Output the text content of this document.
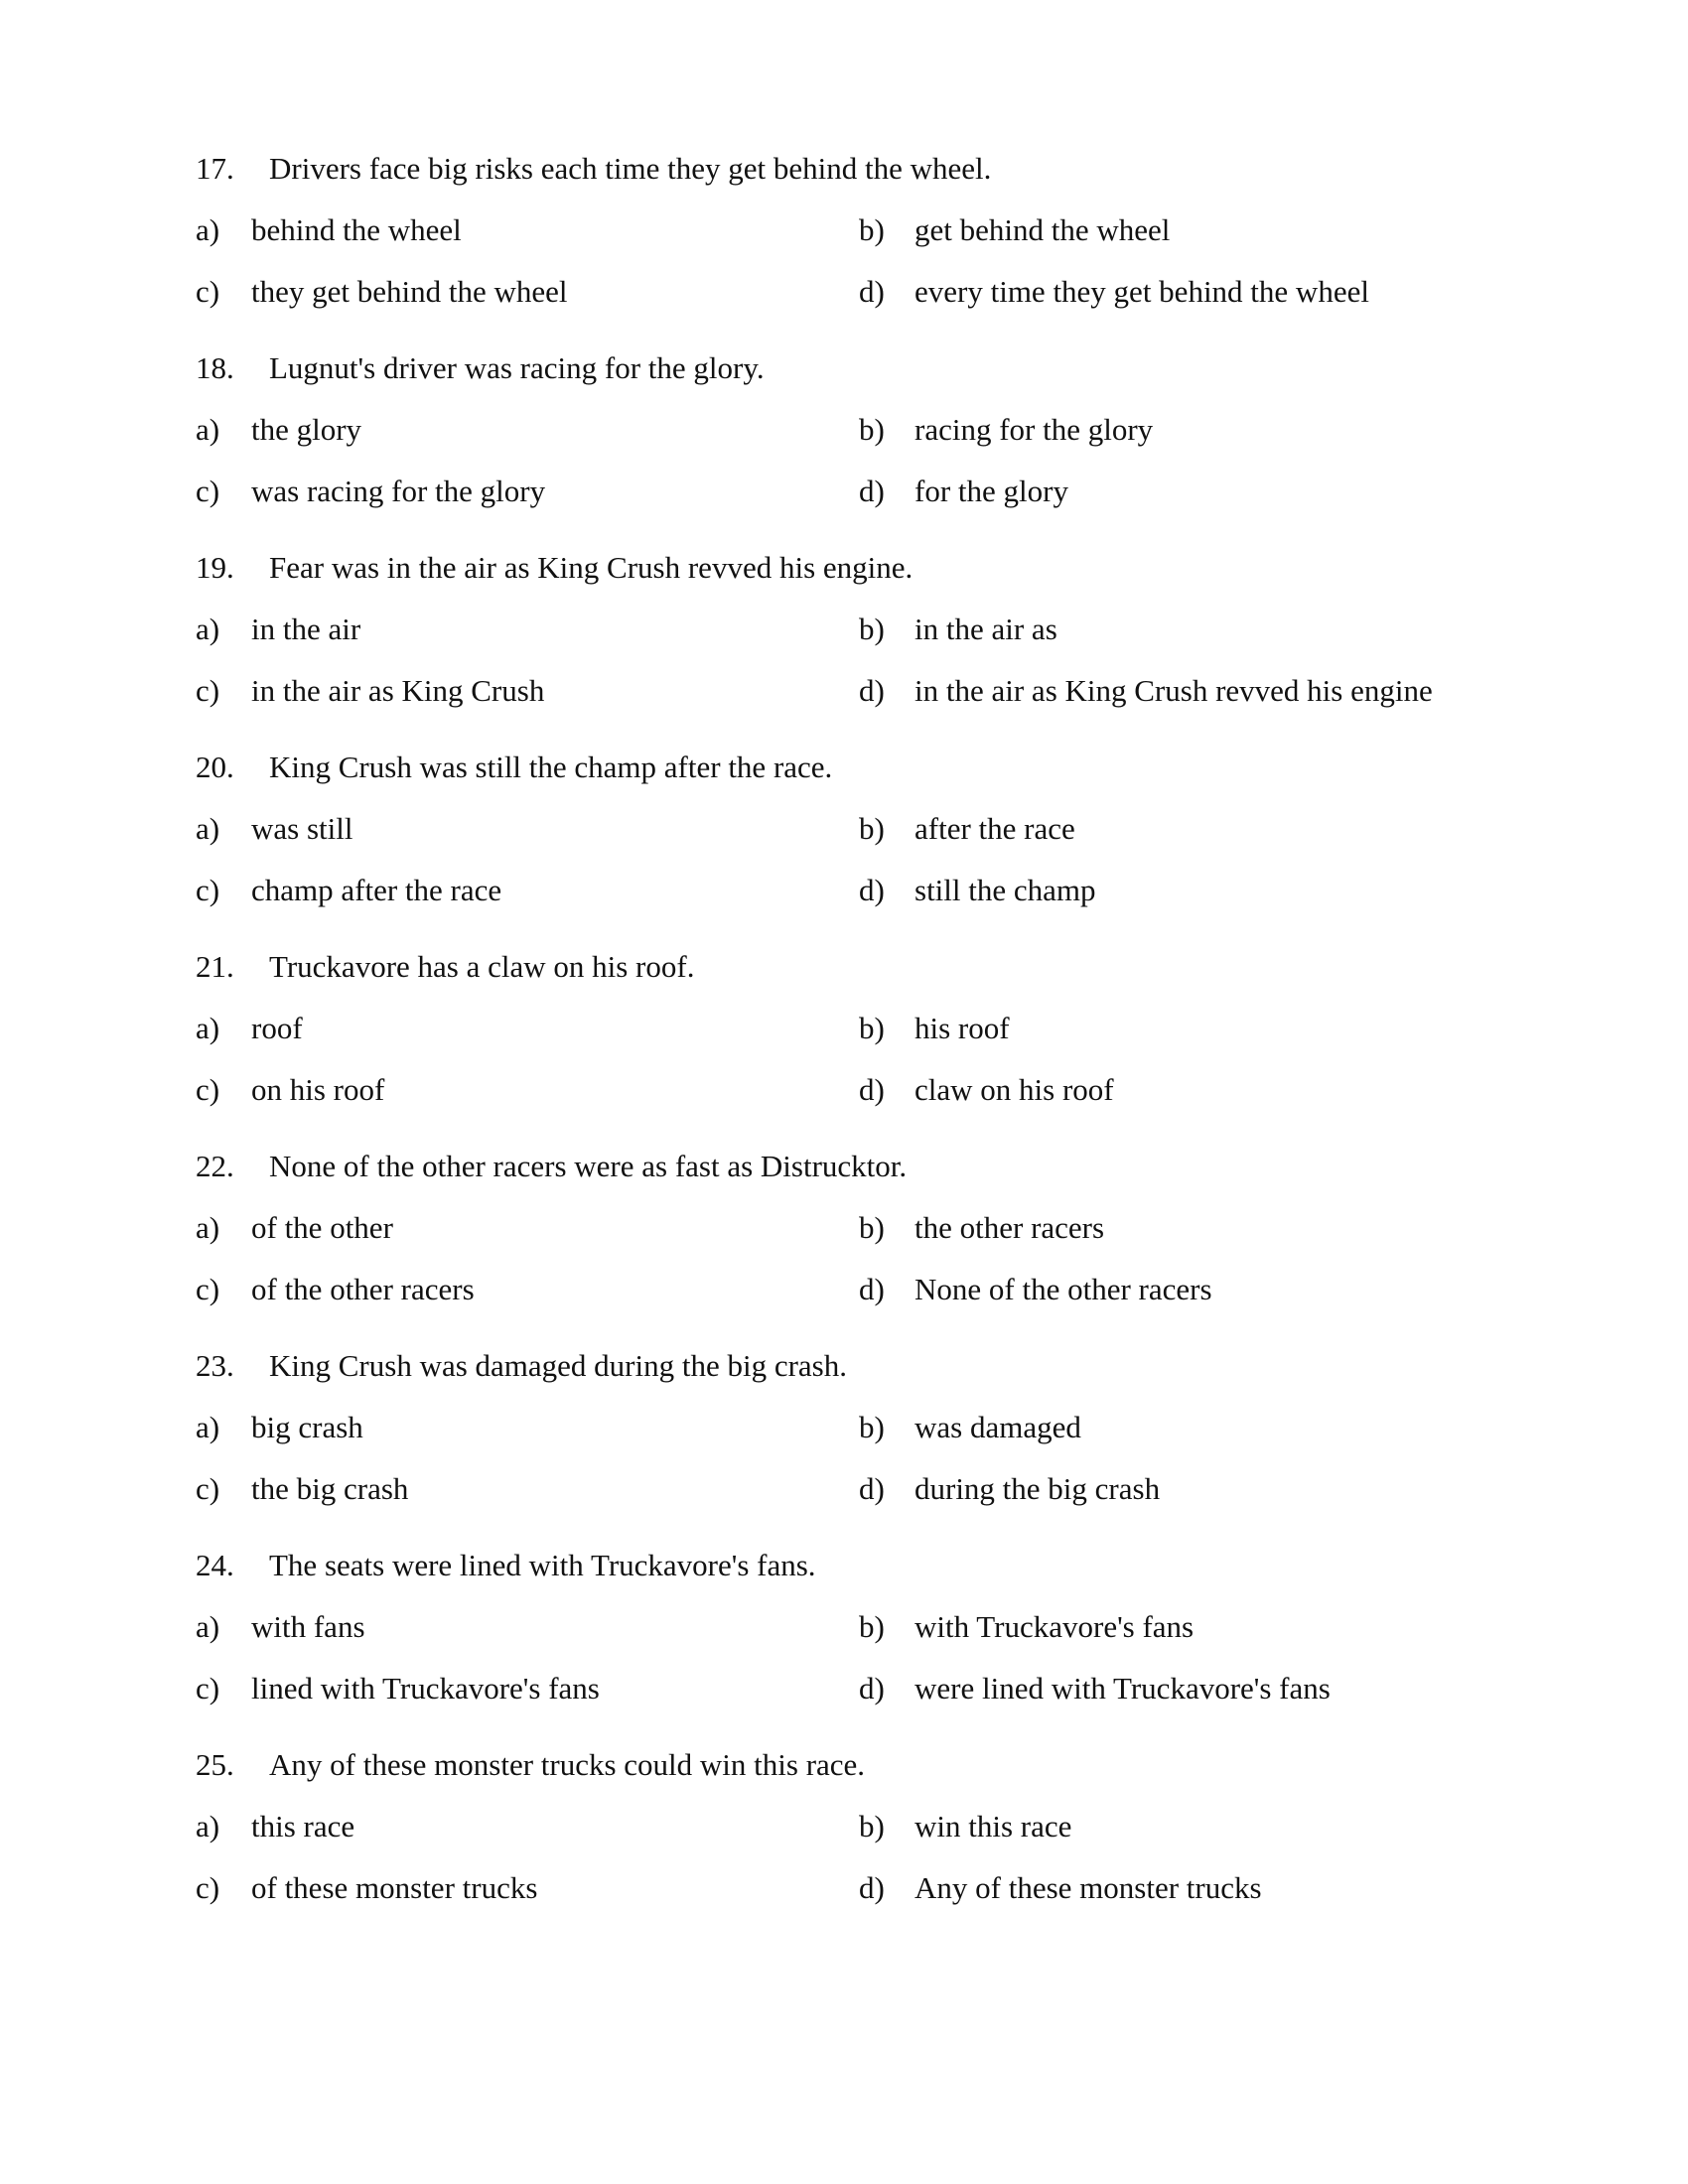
17. Drivers face big risks each time they get behind the wheel.
a) behind the wheel	b) get behind the wheel
c) they get behind the wheel	d) every time they get behind the wheel
18. Lugnut's driver was racing for the glory.
a) the glory	b) racing for the glory
c) was racing for the glory	d) for the glory
19. Fear was in the air as King Crush revved his engine.
a) in the air	b) in the air as
c) in the air as King Crush	d) in the air as King Crush revved his engine
20. King Crush was still the champ after the race.
a) was still	b) after the race
c) champ after the race	d) still the champ
21. Truckavore has a claw on his roof.
a) roof	b) his roof
c) on his roof	d) claw on his roof
22. None of the other racers were as fast as Distrucktor.
a) of the other	b) the other racers
c) of the other racers	d) None of the other racers
23. King Crush was damaged during the big crash.
a) big crash	b) was damaged
c) the big crash	d) during the big crash
24. The seats were lined with Truckavore's fans.
a) with fans	b) with Truckavore's fans
c) lined with Truckavore's fans	d) were lined with Truckavore's fans
25. Any of these monster trucks could win this race.
a) this race	b) win this race
c) of these monster trucks	d) Any of these monster trucks
